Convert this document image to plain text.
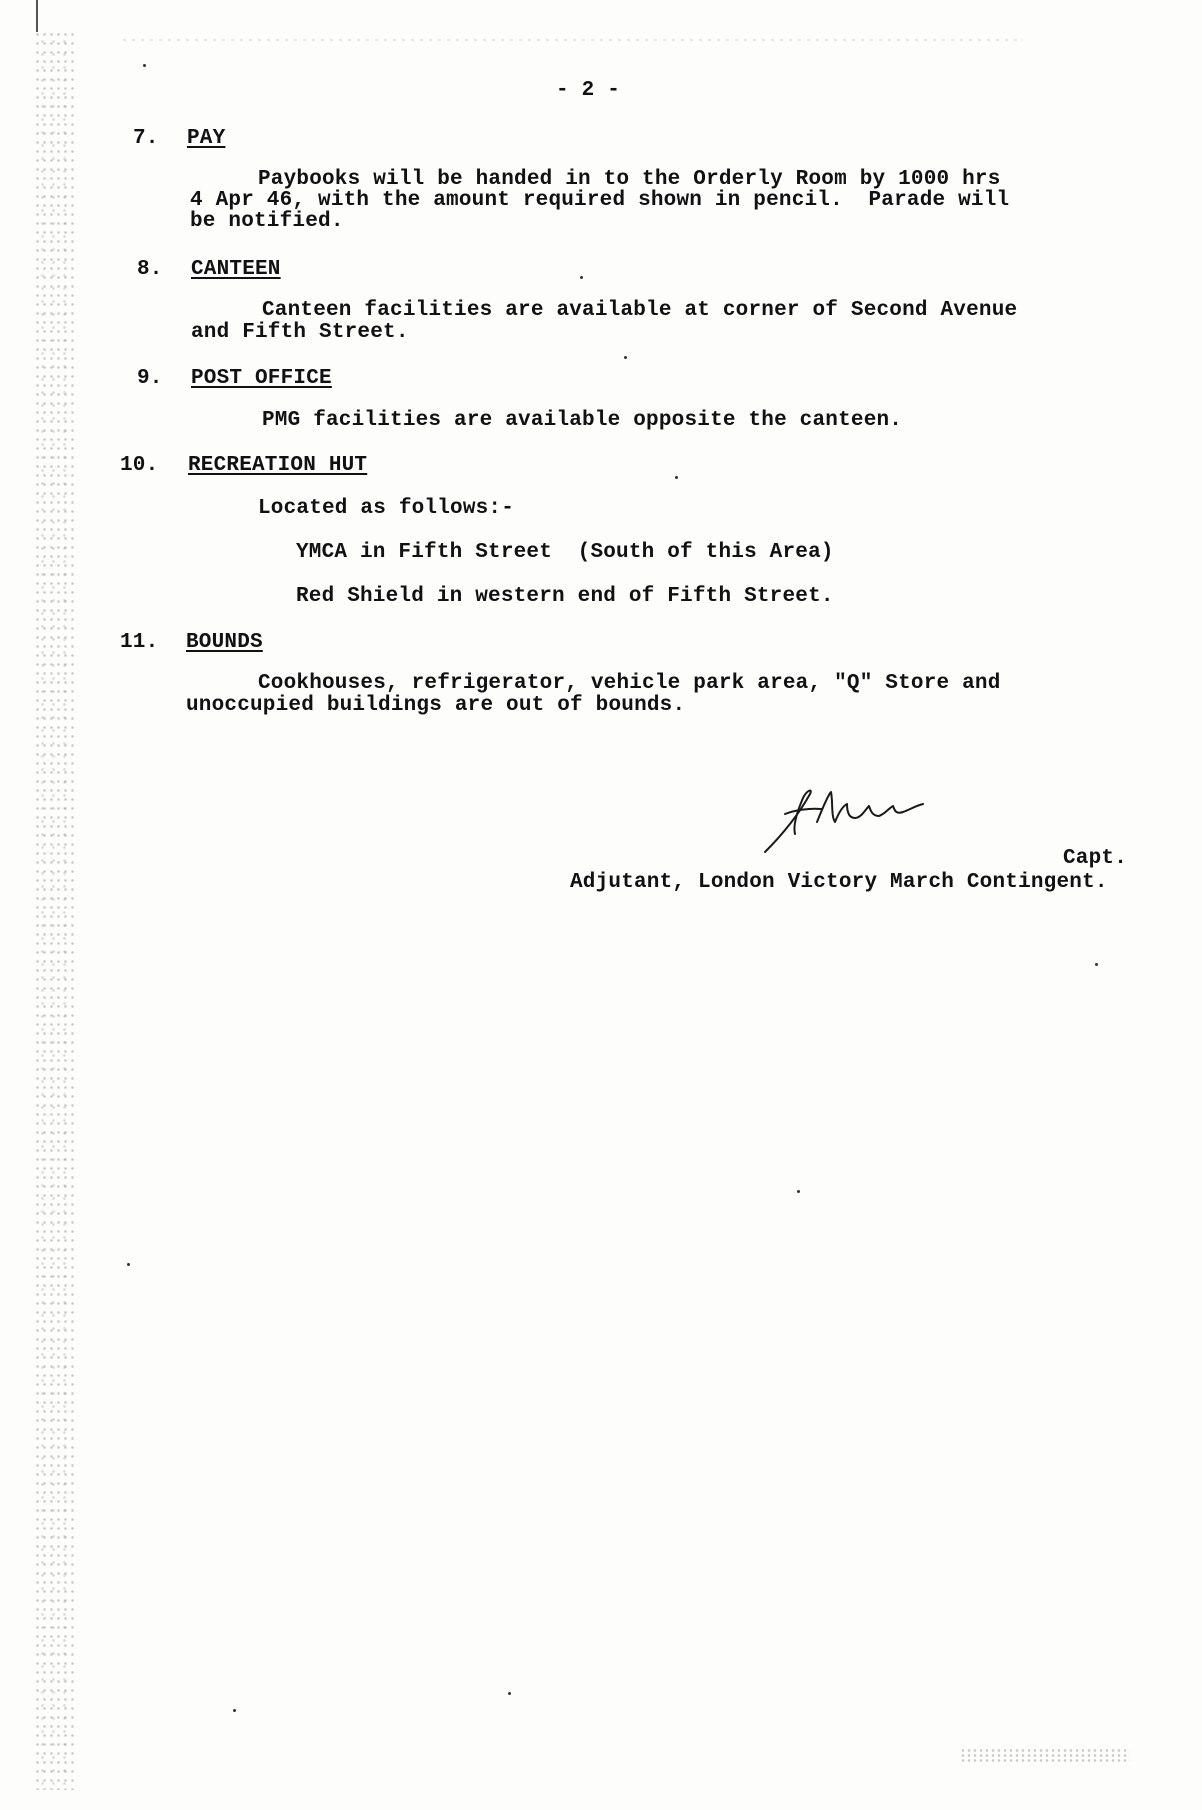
- 2 -
7. PAY
Paybooks will be handed in to the Orderly Room by 1000 hrs
4 Apr 46, with the amount required shown in pencil.  Parade will
be notified.
8. CANTEEN
Canteen facilities are available at corner of Second Avenue
and Fifth Street.
9. POST OFFICE
PMG facilities are available opposite the canteen.
10. RECREATION HUT
Located as follows:-
YMCA in Fifth Street  (South of this Area)
Red Shield in western end of Fifth Street.
11. BOUNDS
Cookhouses, refrigerator, vehicle park area, "Q" Store and
unoccupied buildings are out of bounds.
Capt.
Adjutant, London Victory March Contingent.
